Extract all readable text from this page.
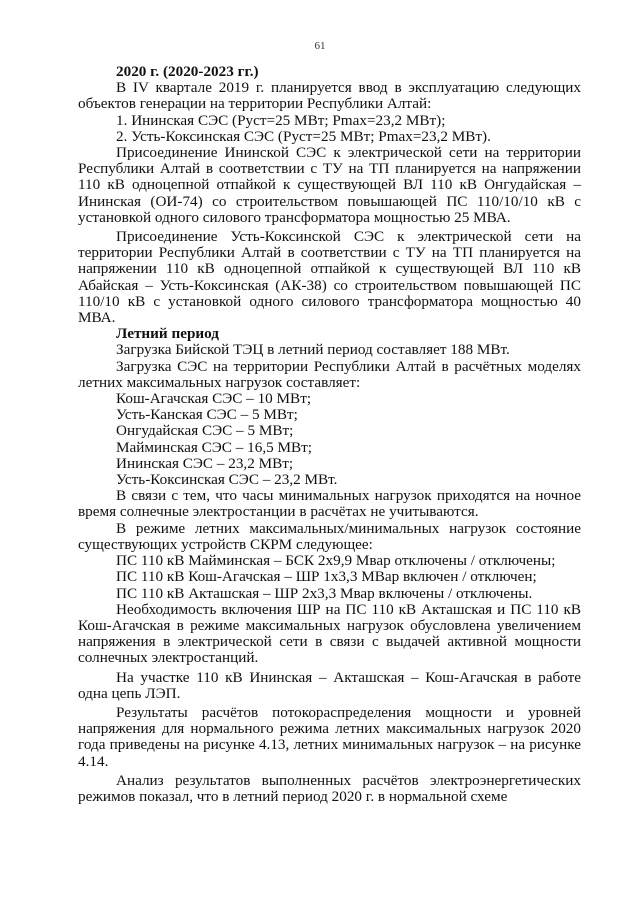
61

2020 г. (2020-2023 гг.)

В IV квартале 2019 г. планируется ввод в эксплуатацию следующих объектов генерации на территории Республики Алтай:

1. Ининская СЭС (Руст=25 МВт; Pmax=23,2 МВт);

2. Усть-Коксинская СЭС (Руст=25 МВт; Pmax=23,2 МВт).

Присоединение Ининской СЭС к электрической сети на территории Республики Алтай в соответствии с ТУ на ТП планируется на напряжении 110 кВ одноцепной отпайкой к существующей ВЛ 110 кВ Онгудайская – Ининская (ОИ-74) со строительством повышающей ПС 110/10/10 кВ с установкой одного силового трансформатора мощностью 25 МВА.

Присоединение Усть-Коксинской СЭС к электрической сети на территории Республики Алтай в соответствии с ТУ на ТП планируется на напряжении 110 кВ одноцепной отпайкой к существующей ВЛ 110 кВ Абайская – Усть-Коксинская (АК-38) со строительством повышающей ПС 110/10 кВ с установкой одного силового трансформатора мощностью 40 МВА.

Летний период

Загрузка Бийской ТЭЦ в летний период составляет 188 МВт.

Загрузка СЭС на территории Республики Алтай в расчётных моделях летних максимальных нагрузок составляет:

Кош-Агачская СЭС – 10 МВт;

Усть-Канская СЭС – 5 МВт;

Онгудайская СЭС – 5 МВт;

Майминская СЭС – 16,5 МВт;

Ининская СЭС – 23,2 МВт;

Усть-Коксинская СЭС – 23,2 МВт.

В связи с тем, что часы минимальных нагрузок приходятся на ночное время солнечные электростанции в расчётах не учитываются.

В режиме летних максимальных/минимальных нагрузок состояние существующих устройств СКРМ следующее:

ПС 110 кВ Майминская – БСК 2х9,9 Мвар отключены / отключены;

ПС 110 кВ Кош-Агачская – ШР 1х3,3 МВар включен / отключен;

ПС 110 кВ Акташская – ШР 2х3,3 Мвар включены / отключены.

Необходимость включения ШР на ПС 110 кВ Акташская и ПС 110 кВ Кош-Агачская в режиме максимальных нагрузок обусловлена увеличением напряжения в электрической сети в связи с выдачей активной мощности солнечных электростанций.

На участке 110 кВ Ининская – Акташская – Кош-Агачская в работе одна цепь ЛЭП.

Результаты расчётов потокораспределения мощности и уровней напряжения для нормального режима летних максимальных нагрузок 2020 года приведены на рисунке 4.13, летних минимальных нагрузок – на рисунке 4.14.

Анализ результатов выполненных расчётов электроэнергетических режимов показал, что в летний период 2020 г. в нормальной схеме
